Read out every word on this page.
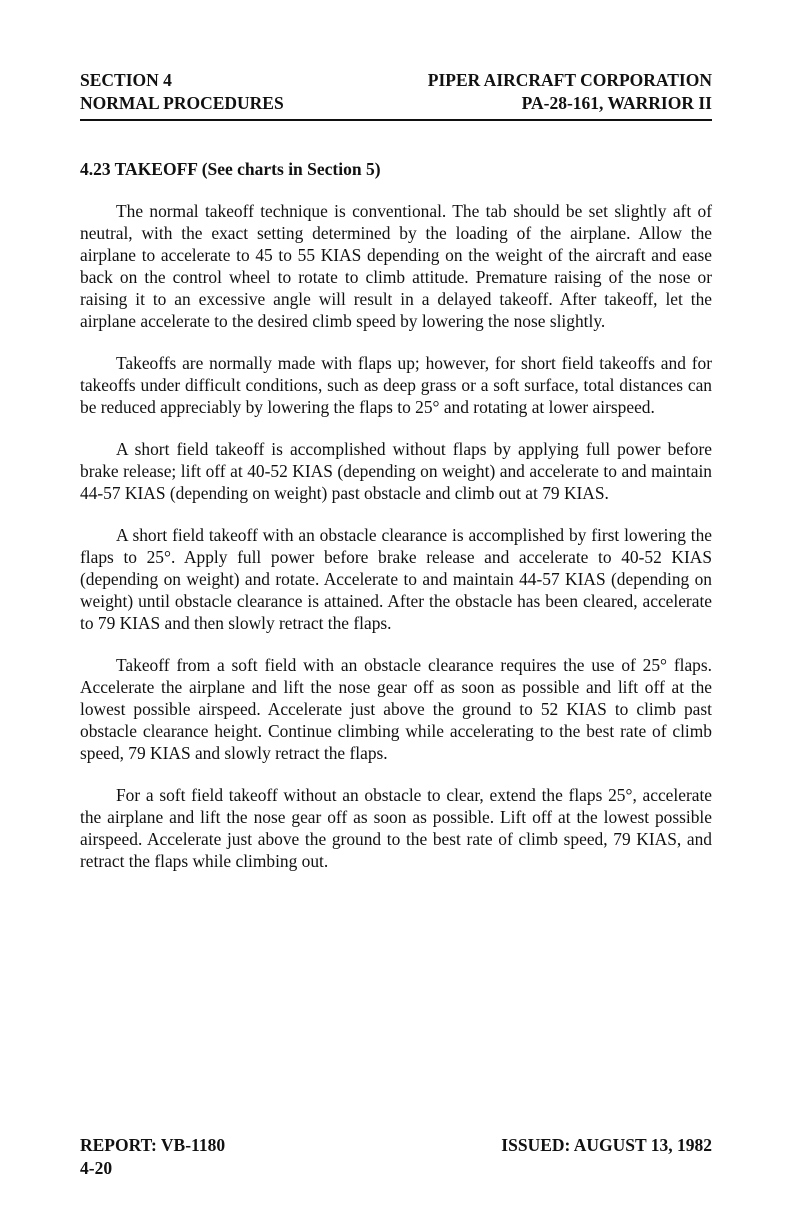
SECTION 4	PIPER AIRCRAFT CORPORATION
NORMAL PROCEDURES	PA-28-161, WARRIOR II
4.23 TAKEOFF (See charts in Section 5)

The normal takeoff technique is conventional. The tab should be set slightly aft of neutral, with the exact setting determined by the loading of the airplane. Allow the airplane to accelerate to 45 to 55 KIAS depending on the weight of the aircraft and ease back on the control wheel to rotate to climb attitude. Premature raising of the nose or raising it to an excessive angle will result in a delayed takeoff. After takeoff, let the airplane accelerate to the desired climb speed by lowering the nose slightly.

Takeoffs are normally made with flaps up; however, for short field takeoffs and for takeoffs under difficult conditions, such as deep grass or a soft surface, total distances can be reduced appreciably by lowering the flaps to 25° and rotating at lower airspeed.

A short field takeoff is accomplished without flaps by applying full power before brake release; lift off at 40-52 KIAS (depending on weight) and accelerate to and maintain 44-57 KIAS (depending on weight) past obstacle and climb out at 79 KIAS.

A short field takeoff with an obstacle clearance is accomplished by first lowering the flaps to 25°. Apply full power before brake release and accelerate to 40-52 KIAS (depending on weight) and rotate. Accelerate to and maintain 44-57 KIAS (depending on weight) until obstacle clearance is attained. After the obstacle has been cleared, accelerate to 79 KIAS and then slowly retract the flaps.

Takeoff from a soft field with an obstacle clearance requires the use of 25° flaps. Accelerate the airplane and lift the nose gear off as soon as possible and lift off at the lowest possible airspeed. Accelerate just above the ground to 52 KIAS to climb past obstacle clearance height. Continue climbing while accelerating to the best rate of climb speed, 79 KIAS and slowly retract the flaps.

For a soft field takeoff without an obstacle to clear, extend the flaps 25°, accelerate the airplane and lift the nose gear off as soon as possible. Lift off at the lowest possible airspeed. Accelerate just above the ground to the best rate of climb speed, 79 KIAS, and retract the flaps while climbing out.

REPORT: VB-1180	ISSUED: AUGUST 13, 1982
4-20
